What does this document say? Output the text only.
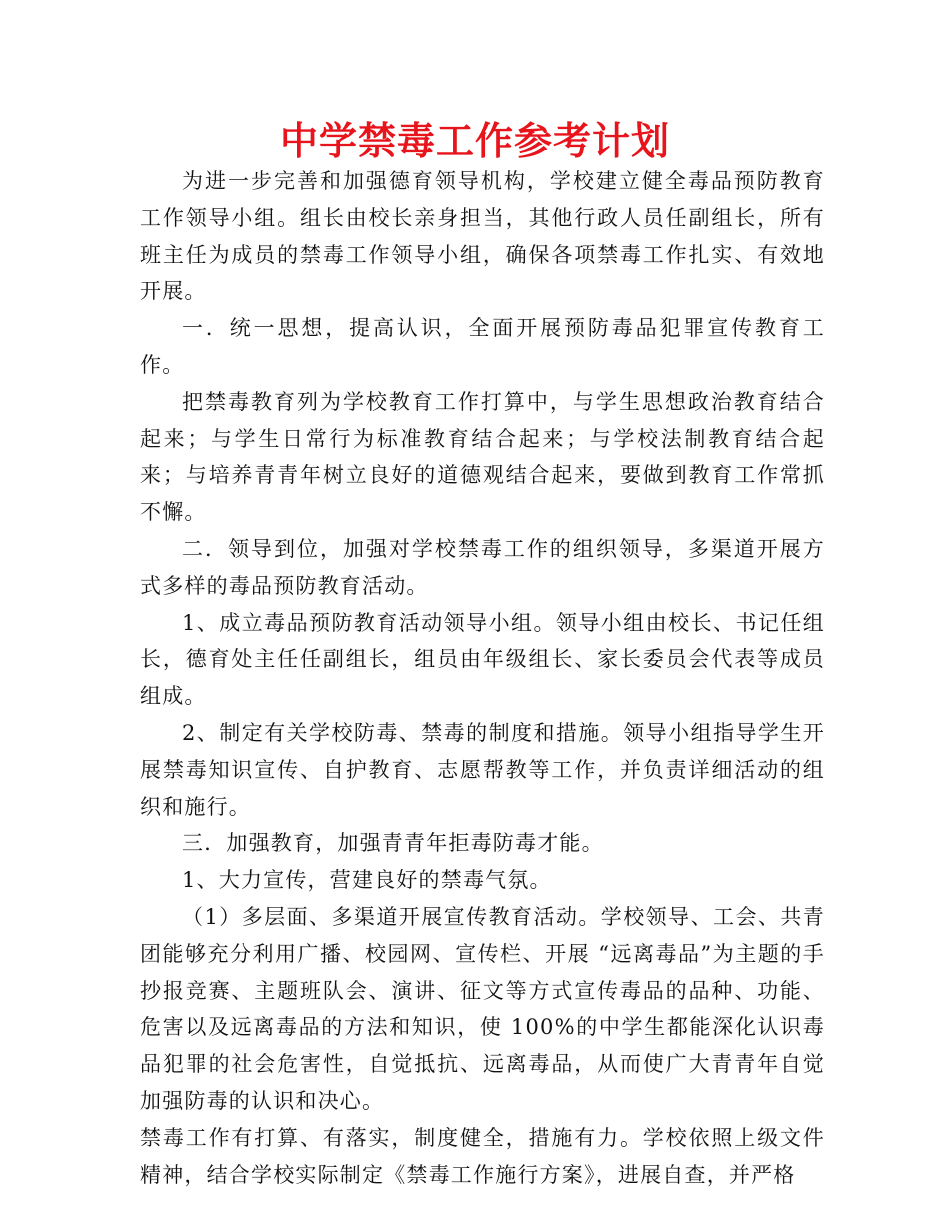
中学禁毒工作参考计划

为进一步完善和加强德育领导机构，学校建立健全毒品预防教育工作领导小组。组长由校长亲身担当，其他行政人员任副组长，所有班主任为成员的禁毒工作领导小组，确保各项禁毒工作扎实、有效地开展。

一．统一思想，提高认识，全面开展预防毒品犯罪宣传教育工作。

把禁毒教育列为学校教育工作打算中，与学生思想政治教育结合起来；与学生日常行为标准教育结合起来；与学校法制教育结合起来；与培养青青年树立良好的道德观结合起来，要做到教育工作常抓不懈。

二．领导到位，加强对学校禁毒工作的组织领导，多渠道开展方式多样的毒品预防教育活动。

1、成立毒品预防教育活动领导小组。领导小组由校长、书记任组长，德育处主任任副组长，组员由年级组长、家长委员会代表等成员组成。

2、制定有关学校防毒、禁毒的制度和措施。领导小组指导学生开展禁毒知识宣传、自护教育、志愿帮教等工作，并负责详细活动的组织和施行。

三．加强教育，加强青青年拒毒防毒才能。

1、大力宣传，营建良好的禁毒气氛。

（1）多层面、多渠道开展宣传教育活动。学校领导、工会、共青团能够充分利用广播、校园网、宣传栏、开展 “远离毒品”为主题的手抄报竞赛、主题班队会、演讲、征文等方式宣传毒品的品种、功能、危害以及远离毒品的方法和知识，使 100%的中学生都能深化认识毒品犯罪的社会危害性，自觉抵抗、远离毒品，从而使广大青青年自觉加强防毒的认识和决心。

禁毒工作有打算、有落实，制度健全，措施有力。学校依照上级文件精神，结合学校实际制定《禁毒工作施行方案》，进展自查，并严格
